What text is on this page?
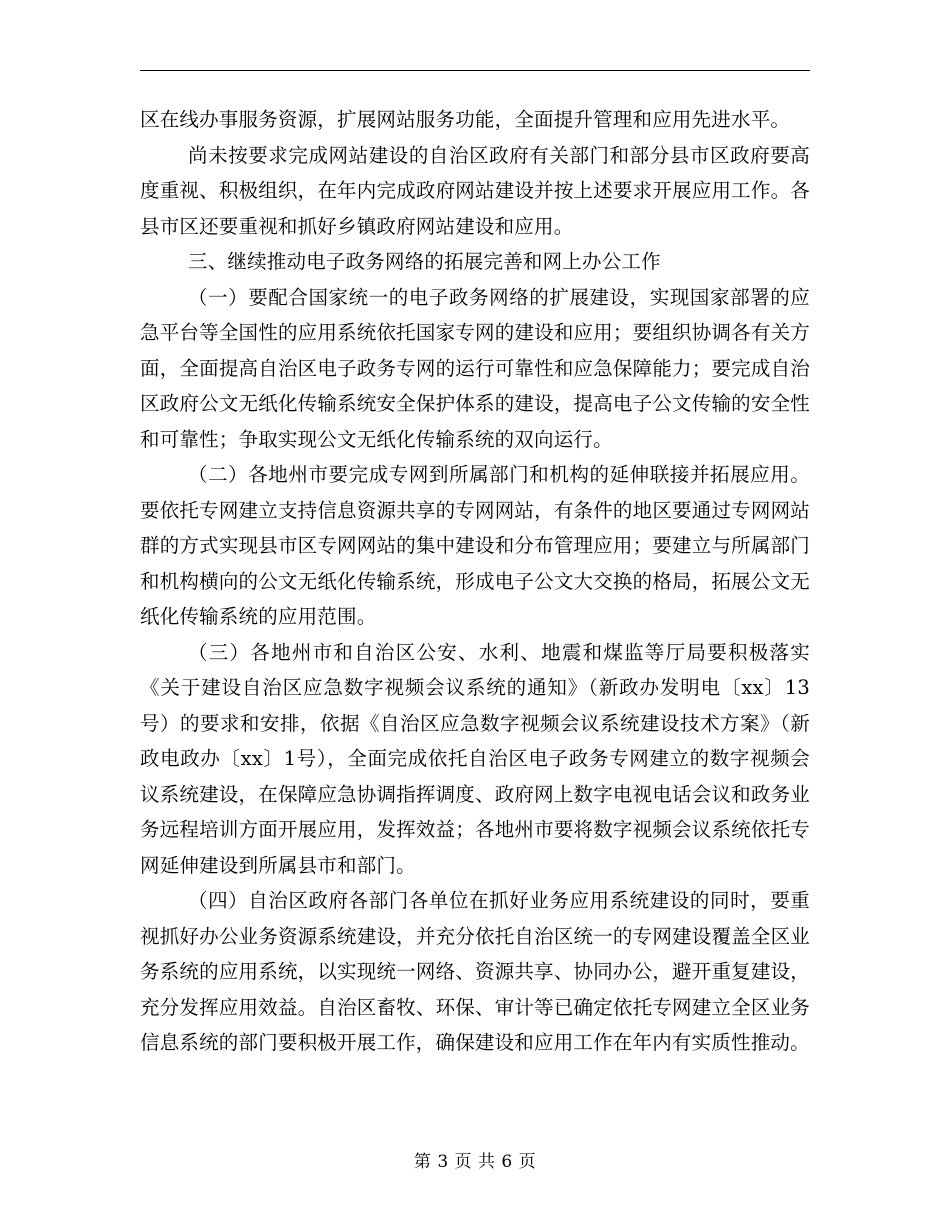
区在线办事服务资源，扩展网站服务功能，全面提升管理和应用先进水平。

尚未按要求完成网站建设的自治区政府有关部门和部分县市区政府要高度重视、积极组织，在年内完成政府网站建设并按上述要求开展应用工作。各县市区还要重视和抓好乡镇政府网站建设和应用。

三、继续推动电子政务网络的拓展完善和网上办公工作

（一）要配合国家统一的电子政务网络的扩展建设，实现国家部署的应急平台等全国性的应用系统依托国家专网的建设和应用；要组织协调各有关方面，全面提高自治区电子政务专网的运行可靠性和应急保障能力；要完成自治区政府公文无纸化传输系统安全保护体系的建设，提高电子公文传输的安全性和可靠性；争取实现公文无纸化传输系统的双向运行。

（二）各地州市要完成专网到所属部门和机构的延伸联接并拓展应用。要依托专网建立支持信息资源共享的专网网站，有条件的地区要通过专网网站群的方式实现县市区专网网站的集中建设和分布管理应用；要建立与所属部门和机构横向的公文无纸化传输系统，形成电子公文大交换的格局，拓展公文无纸化传输系统的应用范围。

（三）各地州市和自治区公安、水利、地震和煤监等厅局要积极落实《关于建设自治区应急数字视频会议系统的通知》（新政办发明电〔xx〕13号）的要求和安排，依据《自治区应急数字视频会议系统建设技术方案》（新政电政办〔xx〕1号），全面完成依托自治区电子政务专网建立的数字视频会议系统建设，在保障应急协调指挥调度、政府网上数字电视电话会议和政务业务远程培训方面开展应用，发挥效益；各地州市要将数字视频会议系统依托专网延伸建设到所属县市和部门。

（四）自治区政府各部门各单位在抓好业务应用系统建设的同时，要重视抓好办公业务资源系统建设，并充分依托自治区统一的专网建设覆盖全区业务系统的应用系统，以实现统一网络、资源共享、协同办公，避开重复建设，充分发挥应用效益。自治区畜牧、环保、审计等已确定依托专网建立全区业务信息系统的部门要积极开展工作，确保建设和应用工作在年内有实质性推动。

第 3 页 共 6 页
